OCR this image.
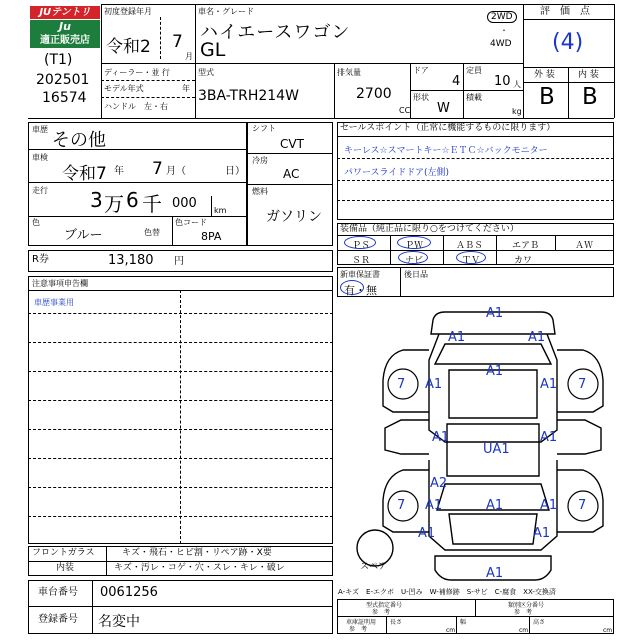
JUテントリ
Ju
適正販売店
(T1)
202501
16574
初度登録年月
令和2 7
月
車名・グレード
ハイエースワゴン
GL
2WD
・
4WD
ディーラー・並 行
モデル年式	年
ハンドル　左・右
型式
3BA-TRH214W
排気量
2700
CC
ドア
4
形状
W
定員
10 人
積載
kg
評　価　点
(4)
外 装	内 装
B B
車歴
その他
車検
令和7 年 7 月（	日）
走行 3 万 6 千 000 km
色
ブルー	色替
色コード
8PA
シフト
CVT
冷房
AC
燃料
ガソリン
セールスポイント（正常に機能するものに限ります）
キーレス☆スマートキー☆ＥＴＣ☆バックモニター
パワースライドドア(左側)
装備品（純正品に限り○をつけてください）
ＰＳ	ＰＷ	ＡＢＳ	エアＢ	ＡＷ
ＳＲ	ナビ	ＴＶ	カワ
R券	13,180 円
新車保証書
有・無
後日品
注意事項申告欄
車歴事業用
A1
A1	A1
7 A1
A1
7
A1
UA1
A1
A2
A1
7 A1	A1 7
A1
A1	A1
A1
スペア
フロントガラス	キズ・飛石・ヒビ割・リペア跡・X要
内装	キズ・汚レ・コゲ・穴・スレ・キレ・破レ
車台番号 0061256
登録番号 名変中
A-キズ　E-エクボ　U-凹み　W-補修跡　S-サビ　C-腐食　XX-交換済
型式指定番号
参　考
類別区分番号
参　考
車庫証明用
参　考
長さ
cm
幅
cm
高さ
cm
